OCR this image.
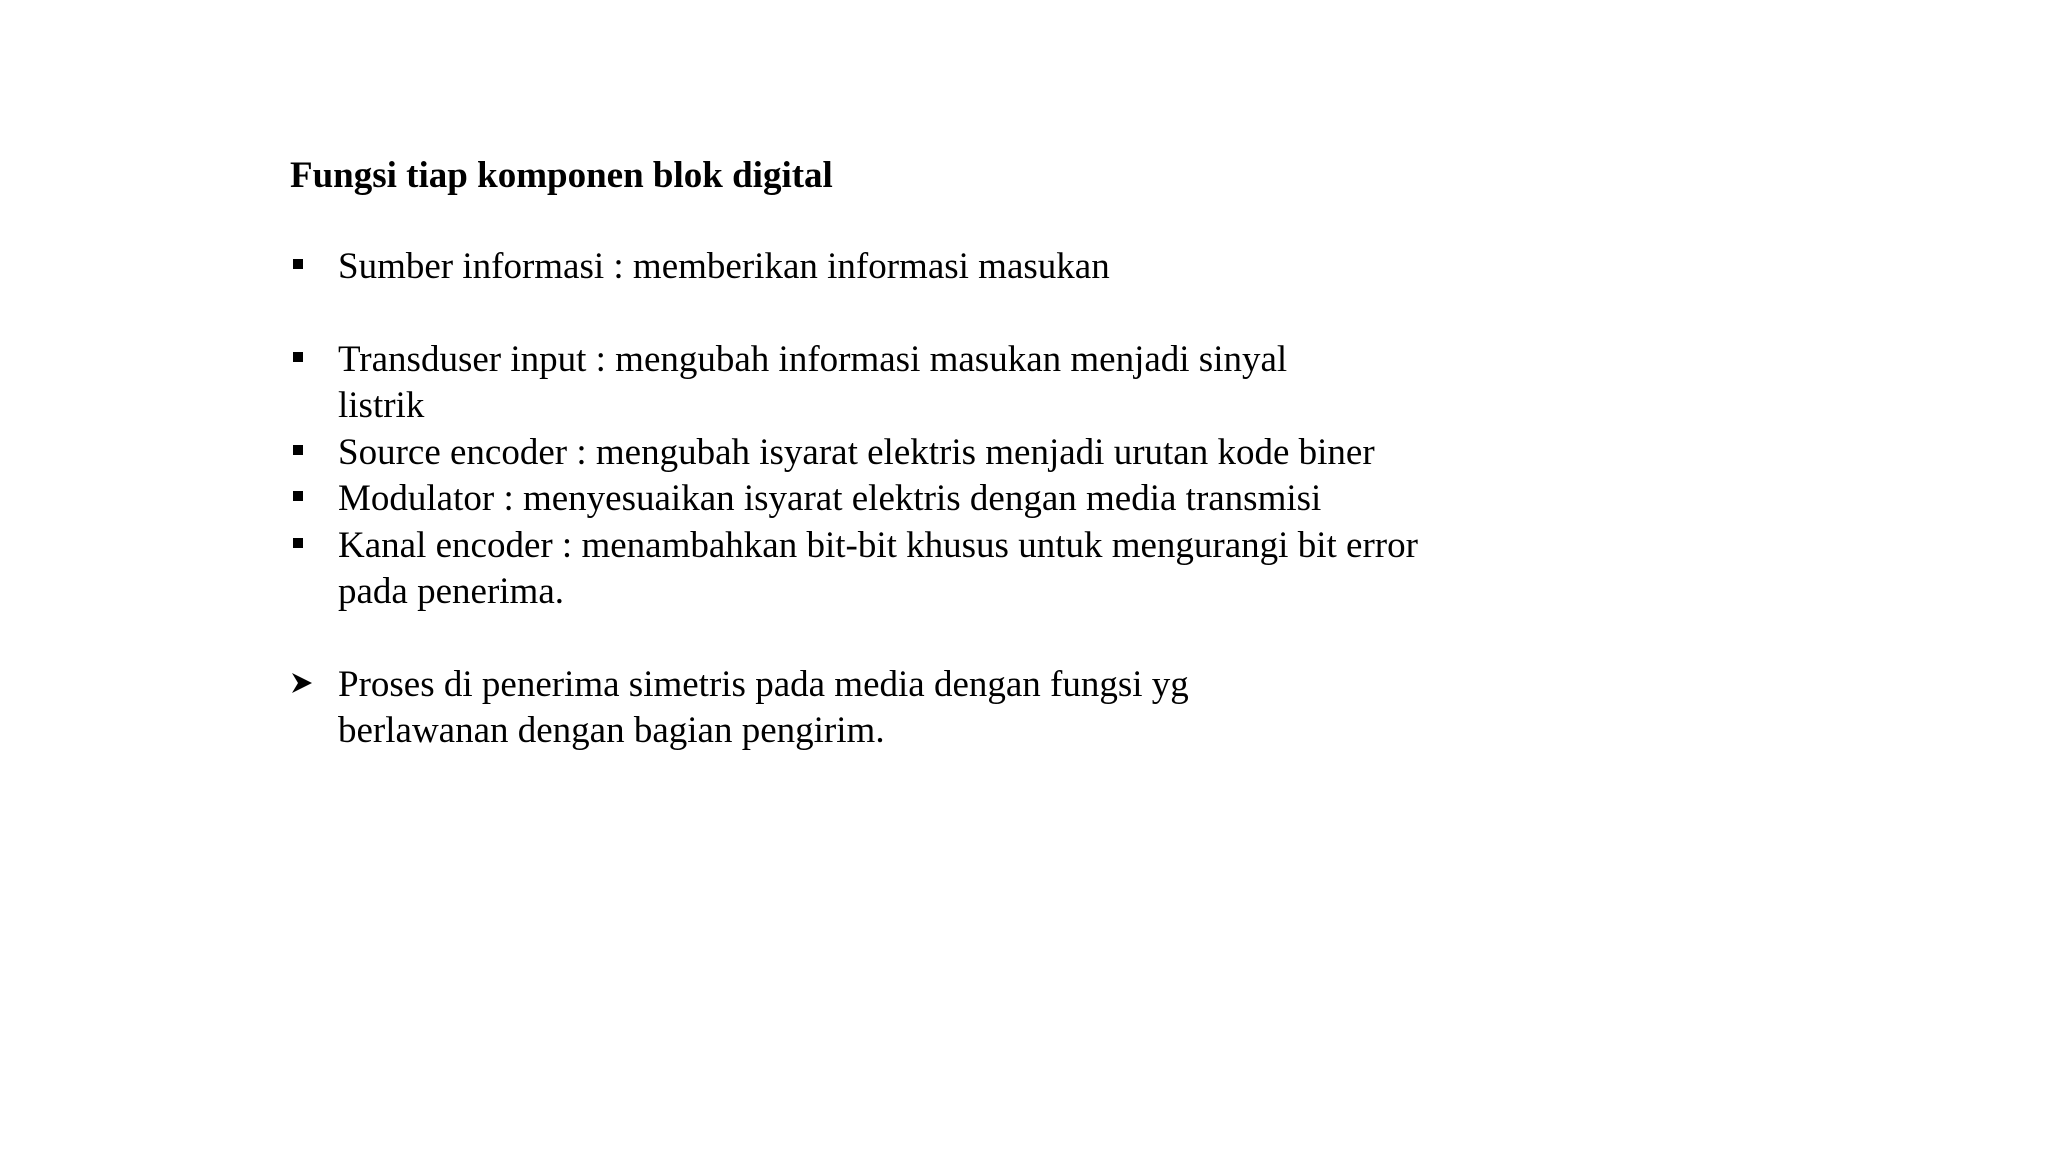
Fungsi tiap komponen blok digital
Sumber informasi : memberikan informasi masukan
Transduser input : mengubah informasi masukan menjadi sinyal listrik
Source encoder : mengubah isyarat elektris menjadi urutan kode biner
Modulator : menyesuaikan isyarat elektris dengan media transmisi
Kanal encoder : menambahkan bit-bit khusus untuk mengurangi bit error pada penerima.
Proses di penerima simetris pada media dengan fungsi yg berlawanan dengan bagian pengirim.
